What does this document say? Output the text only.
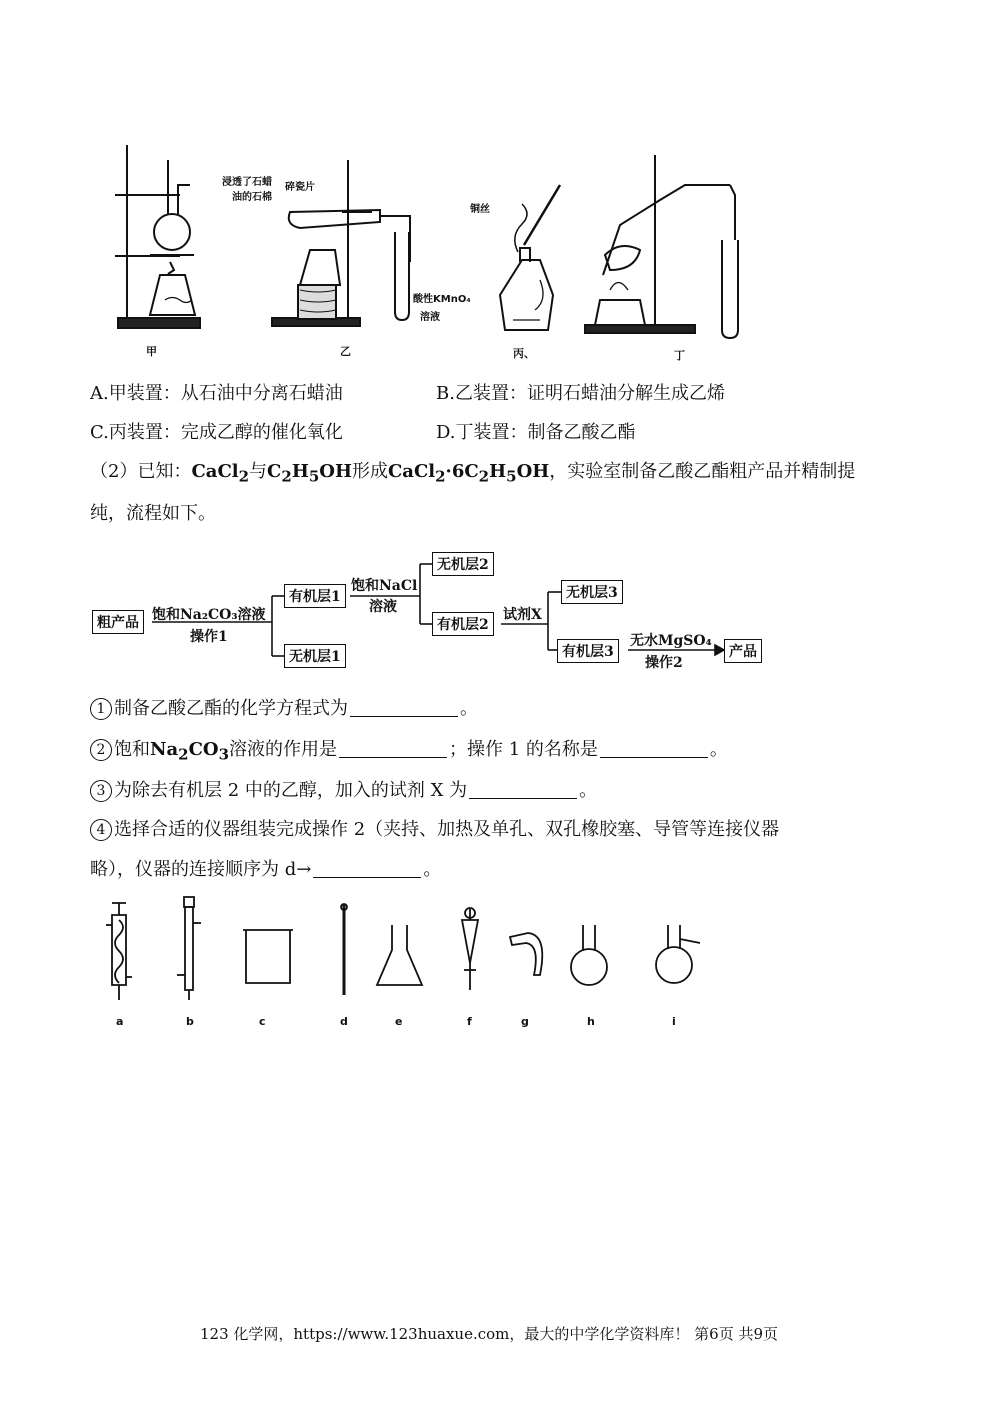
浸透了石蜡
油的石棉
碎瓷片
酸性KMnO₄
溶液
铜丝
甲	乙	丙、	丁
A.甲装置：从石油中分离石蜡油	B.乙装置：证明石蜡油分解生成乙烯
C.丙装置：完成乙醇的催化氧化	D.丁装置：制备乙酸乙酯
（2）已知：CaCl$_2$与$C_2H_5OH$形成$CaCl_2\cdot 6C_2H_5OH$，实验室制备乙酸乙酯粗产品并精制提
纯，流程如下。
粗产品 饱和Na₂CO₃溶液
操作1
有机层1
无机层1
饱和NaCl
溶液
无机层2
有机层2
试剂X
无机层3
有机层3
无水MgSO₄
操作2
产品
1 制备乙酸乙酯的化学方程式为	。
2 饱和$Na_2CO_3$溶液的作用是	；操作 1 的名称是	。
3 为除去有机层 2 中的乙醇，加入的试剂 X 为	。
4 选择合适的仪器组装完成操作 2（夹持、加热及单孔、双孔橡胶塞、导管等连接仪器
略），仪器的连接顺序为 d→	。
a	b	c	d	e	f	g	h	i
123 化学网，https://www.123huaxue.com，最大的中学化学资料库！ 第6页 共9页
